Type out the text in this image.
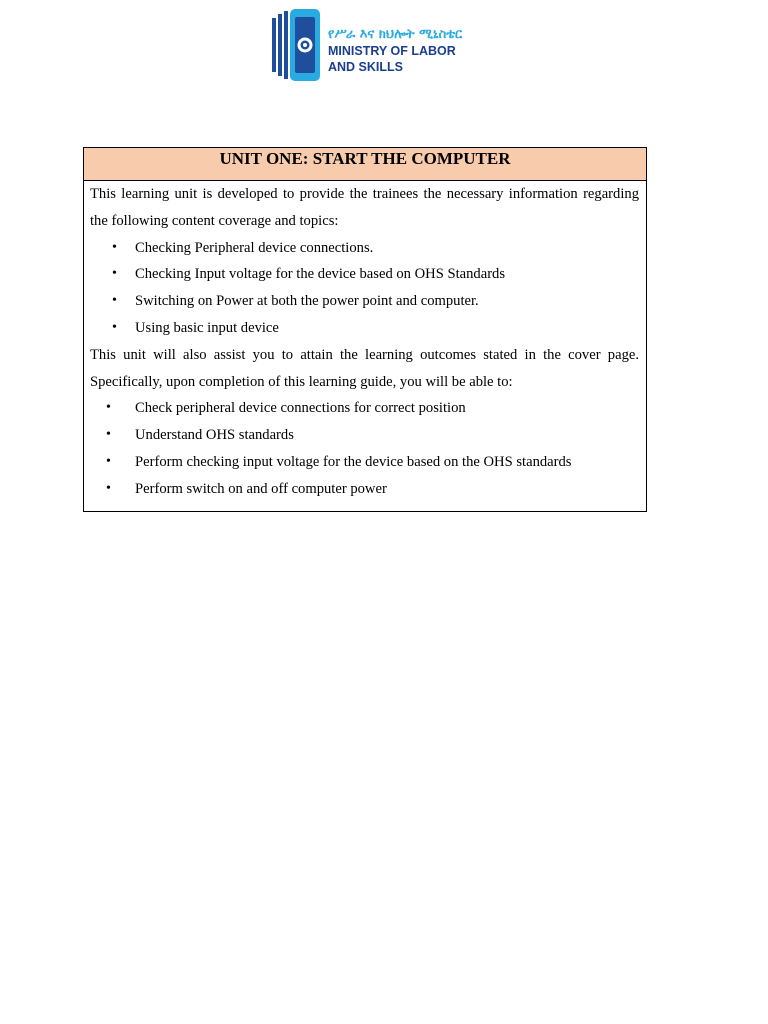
የሥራ እና ክህሎት ሚኒስቴር
MINISTRY OF LABOR
AND SKILLS
UNIT ONE: START THE COMPUTER

This learning unit is developed to provide the trainees the necessary information regarding the following content coverage and topics:

• Checking Peripheral device connections.
• Checking Input voltage for the device based on OHS Standards
• Switching on Power at both the power point and computer.
• Using basic input device

This unit will also assist you to attain the learning outcomes stated in the cover page. Specifically, upon completion of this learning guide, you will be able to:

• Check peripheral device connections for correct position
• Understand OHS standards
• Perform checking input voltage for the device based on the OHS standards
• Perform switch on and off computer power
